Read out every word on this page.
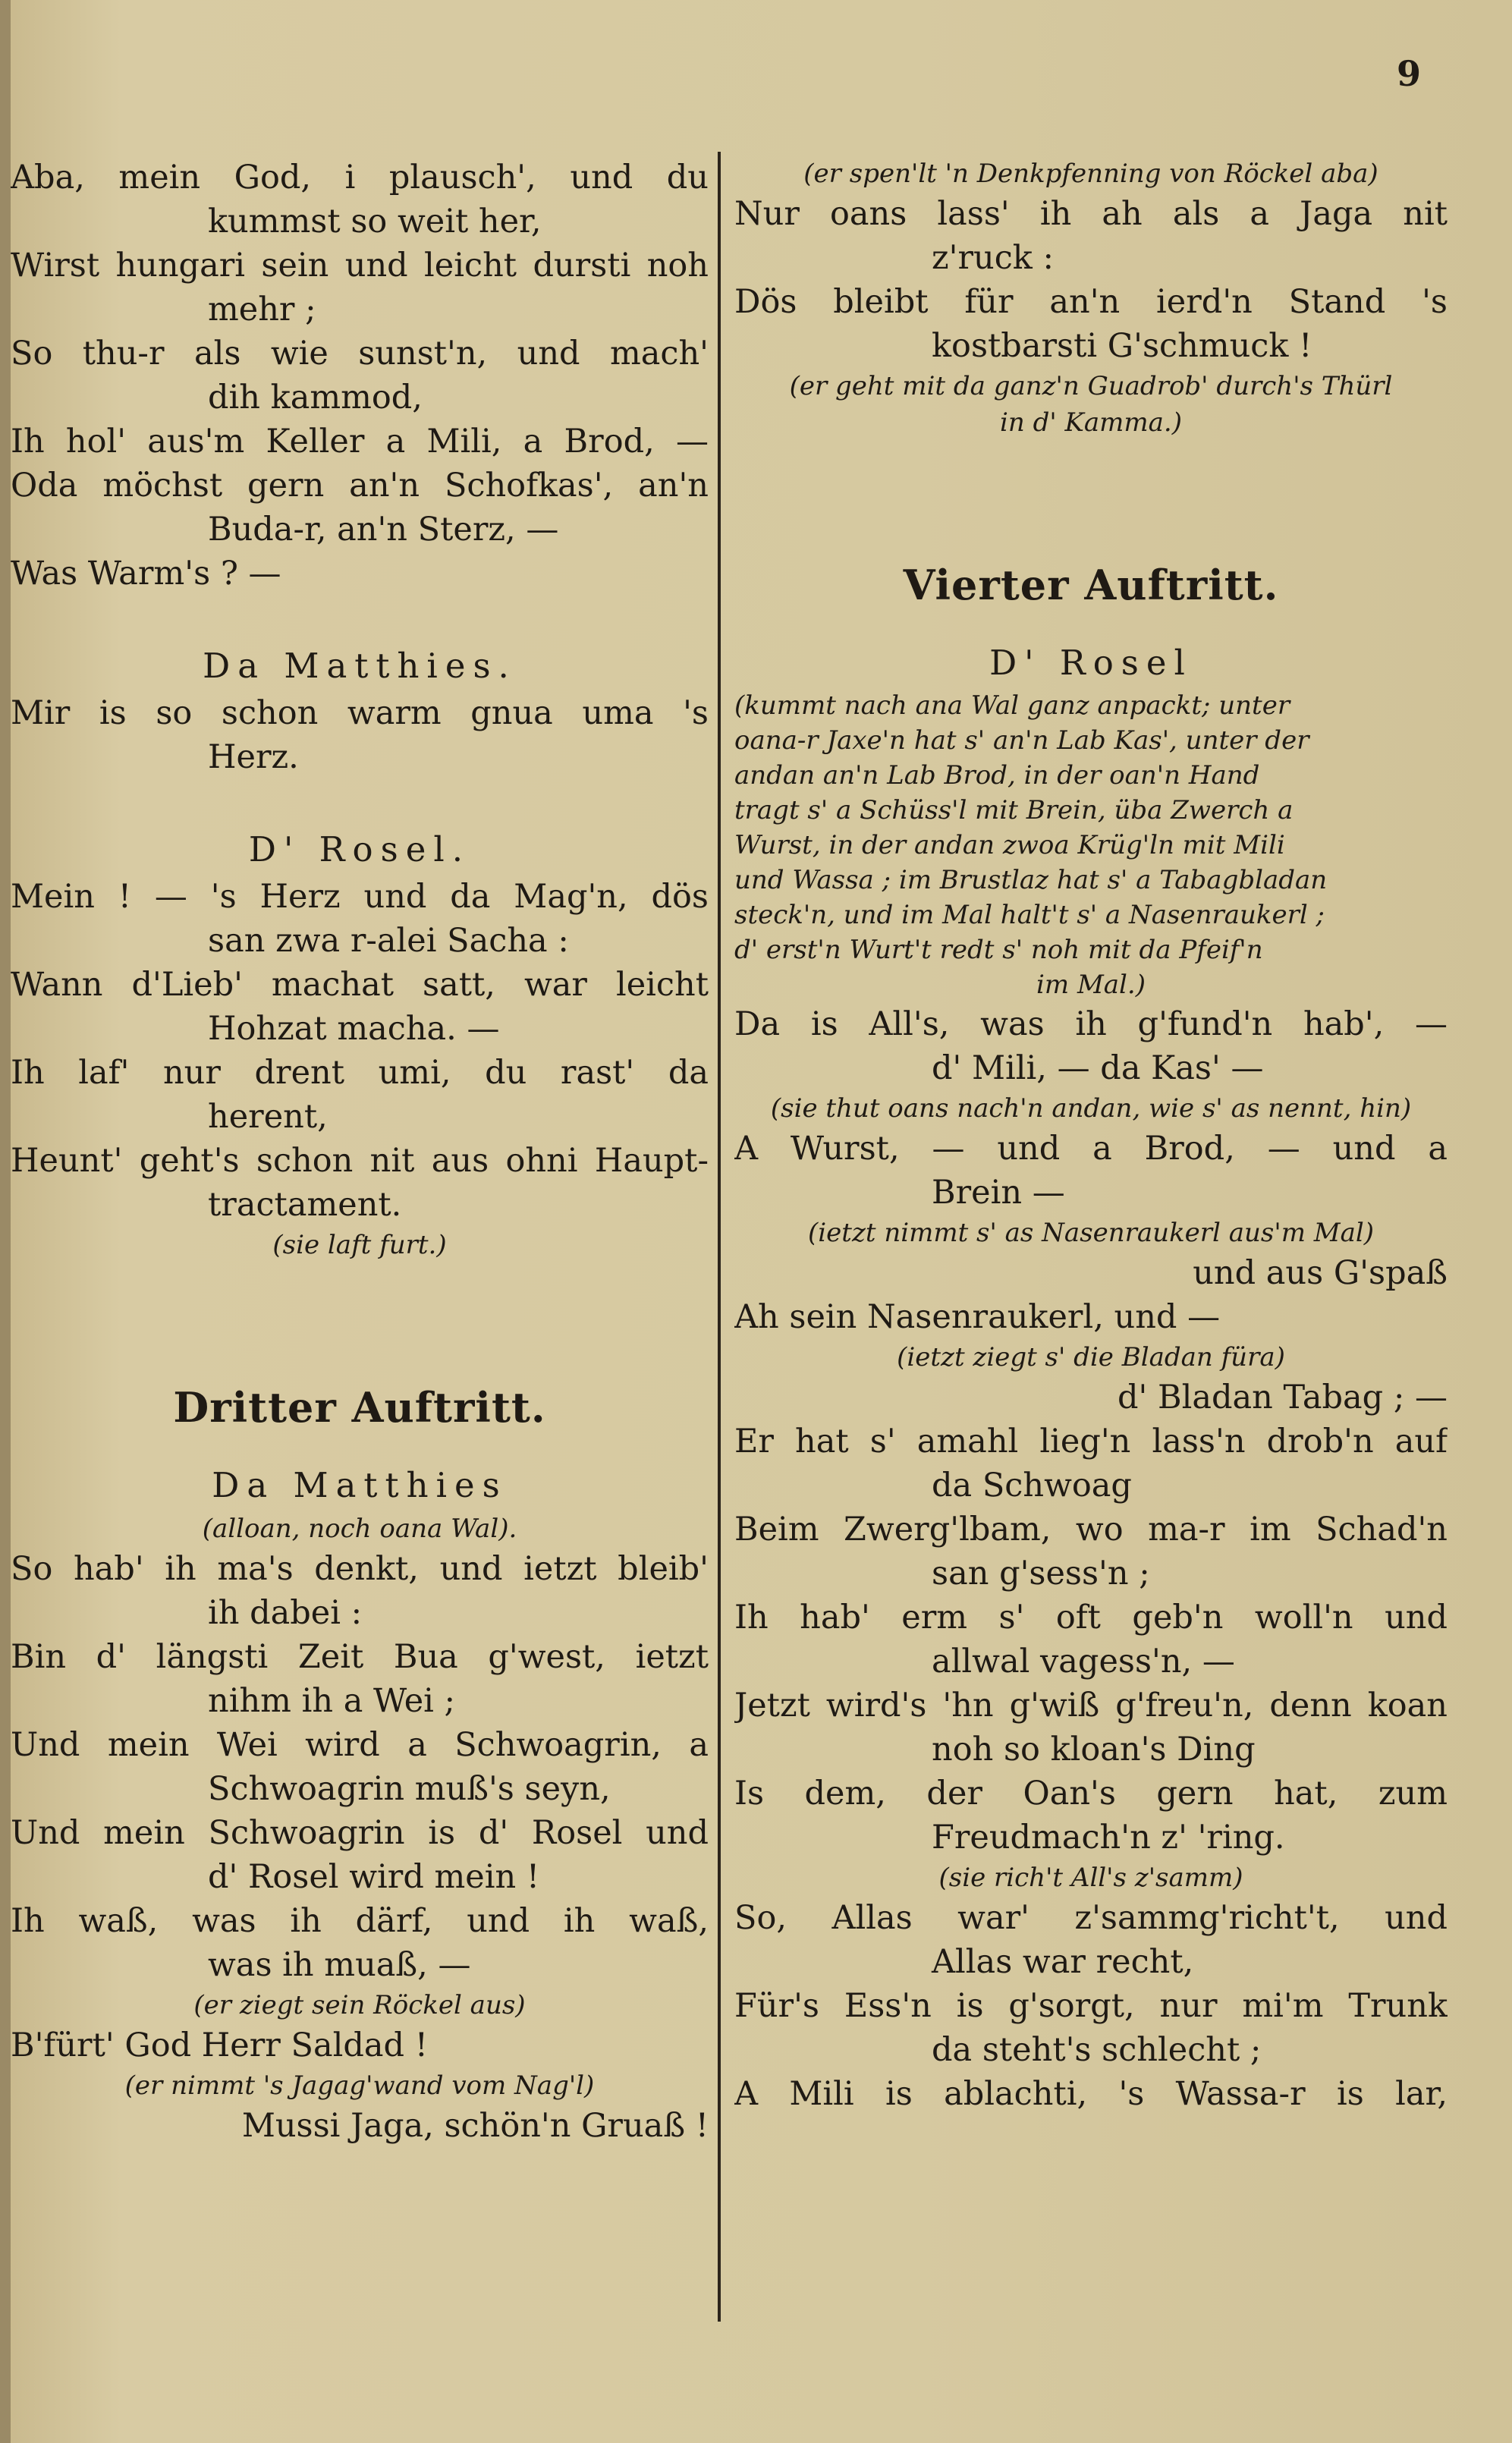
9
Aba, mein God, i plausch', und du
kummst so weit her,
Wirst hungari sein und leicht dursti noh
mehr ;
So thu-r als wie sunst'n, und mach'
dih kammod,
Ih hol' aus'm Keller a Mili, a Brod, —
Oda möchst gern an'n Schofkas', an'n
Buda-r, an'n Sterz, —
Was Warm's ? —
Da Matthies.
Mir is so schon warm gnua uma 's
Herz.
D' Rosel.
Mein ! — 's Herz und da Mag'n, dös
san zwa r-alei Sacha :
Wann d'Lieb' machat satt, war leicht
Hohzat macha. —
Ih laf' nur drent umi, du rast' da
herent,
Heunt' geht's schon nit aus ohni Haupt-
tractament.
(sie laft furt.)
Dritter Auftritt.
Da Matthies
(alloan, noch oana Wal).
So hab' ih ma's denkt, und ietzt bleib'
ih dabei :
Bin d' längsti Zeit Bua g'west, ietzt
nihm ih a Wei ;
Und mein Wei wird a Schwoagrin, a
Schwoagrin muß's seyn,
Und mein Schwoagrin is d' Rosel und
d' Rosel wird mein !
Ih waß, was ih därf, und ih waß,
was ih muaß, —
(er ziegt sein Röckel aus)
B'fürt' God Herr Saldad !
(er nimmt 's Jagag'wand vom Nag'l)
Mussi Jaga, schön'n Gruaß !
(er spen'lt 'n Denkpfenning von Röckel aba)
Nur oans lass' ih ah als a Jaga nit
z'ruck :
Dös bleibt für an'n ierd'n Stand 's
kostbarsti G'schmuck !
(er geht mit da ganz'n Guadrob' durch's Thürl
in d' Kamma.)
Vierter Auftritt.
D' Rosel
(kummt nach ana Wal ganz anpackt; unter
oana-r Jaxe'n hat s' an'n Lab Kas', unter der
andan an'n Lab Brod, in der oan'n Hand
tragt s' a Schüss'l mit Brein, üba Zwerch a
Wurst, in der andan zwoa Krüg'ln mit Mili
und Wassa ; im Brustlaz hat s' a Tabagbladan
steck'n, und im Mal halt't s' a Nasenraukerl ;
d' erst'n Wurt't redt s' noh mit da Pfeif'n
im Mal.)
Da is All's, was ih g'fund'n hab', —
d' Mili, — da Kas' —
(sie thut oans nach'n andan, wie s' as nennt, hin)
A Wurst, — und a Brod, — und a
Brein —
(ietzt nimmt s' as Nasenraukerl aus'm Mal)
und aus G'spaß
Ah sein Nasenraukerl, und —
(ietzt ziegt s' die Bladan füra)
d' Bladan Tabag ; —
Er hat s' amahl lieg'n lass'n drob'n auf
da Schwoag
Beim Zwerg'lbam, wo ma-r im Schad'n
san g'sess'n ;
Ih hab' erm s' oft geb'n woll'n und
allwal vagess'n, —
Jetzt wird's 'hn g'wiß g'freu'n, denn koan
noh so kloan's Ding
Is dem, der Oan's gern hat, zum
Freudmach'n z' 'ring.
(sie rich't All's z'samm)
So, Allas war' z'sammg'richt't, und
Allas war recht,
Für's Ess'n is g'sorgt, nur mi'm Trunk
da steht's schlecht ;
A Mili is ablachti, 's Wassa-r is lar,
